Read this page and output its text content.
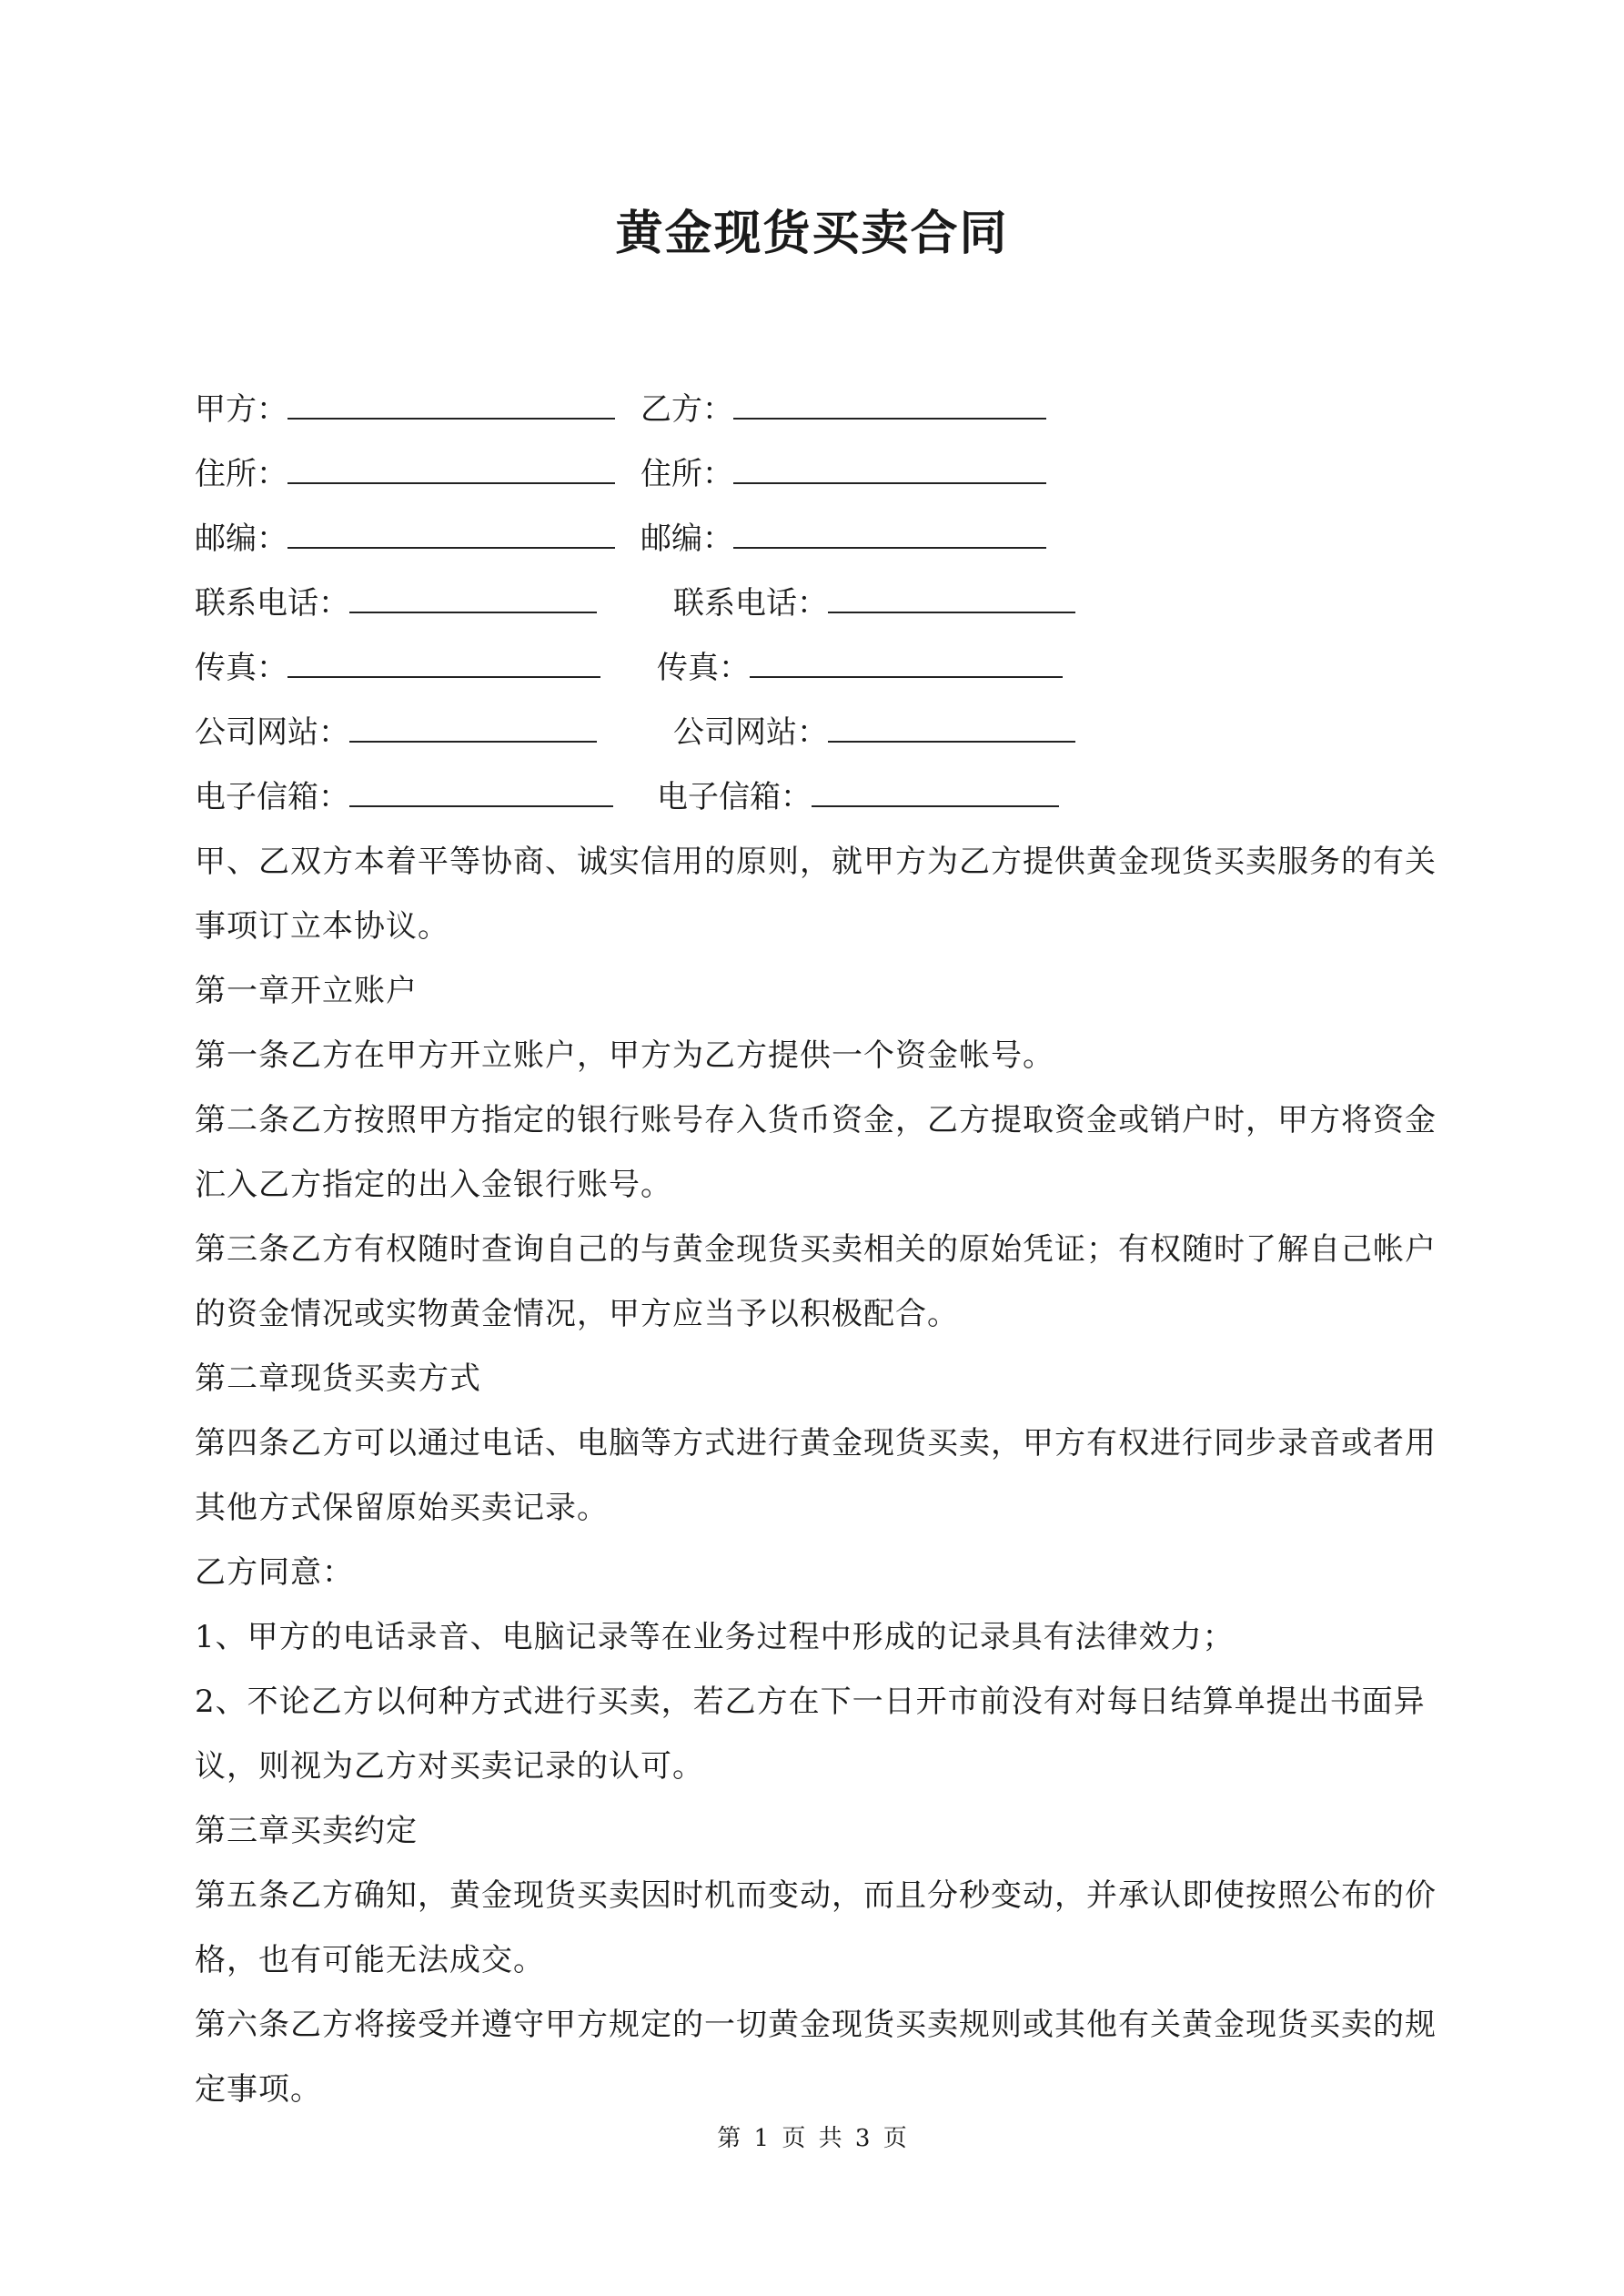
黄金现货买卖合同
甲方：	乙方：
住所：	住所：
邮编：	邮编：
联系电话：	联系电话：
传真：	传真：
公司网站：	公司网站：
电子信箱：	电子信箱：

甲、乙双方本着平等协商、诚实信用的原则，就甲方为乙方提供黄金现货买卖服务的有关事项订立本协议。

第一章开立账户

第一条乙方在甲方开立账户，甲方为乙方提供一个资金帐号。

第二条乙方按照甲方指定的银行账号存入货币资金，乙方提取资金或销户时，甲方将资金汇入乙方指定的出入金银行账号。

第三条乙方有权随时查询自己的与黄金现货买卖相关的原始凭证；有权随时了解自己帐户的资金情况或实物黄金情况，甲方应当予以积极配合。

第二章现货买卖方式

第四条乙方可以通过电话、电脑等方式进行黄金现货买卖，甲方有权进行同步录音或者用其他方式保留原始买卖记录。

乙方同意：

1、甲方的电话录音、电脑记录等在业务过程中形成的记录具有法律效力；

2、不论乙方以何种方式进行买卖，若乙方在下一日开市前没有对每日结算单提出书面异议，则视为乙方对买卖记录的认可。

第三章买卖约定

第五条乙方确知，黄金现货买卖因时机而变动，而且分秒变动，并承认即使按照公布的价格，也有可能无法成交。

第六条乙方将接受并遵守甲方规定的一切黄金现货买卖规则或其他有关黄金现货买卖的规定事项。

第 1 页 共 3 页
